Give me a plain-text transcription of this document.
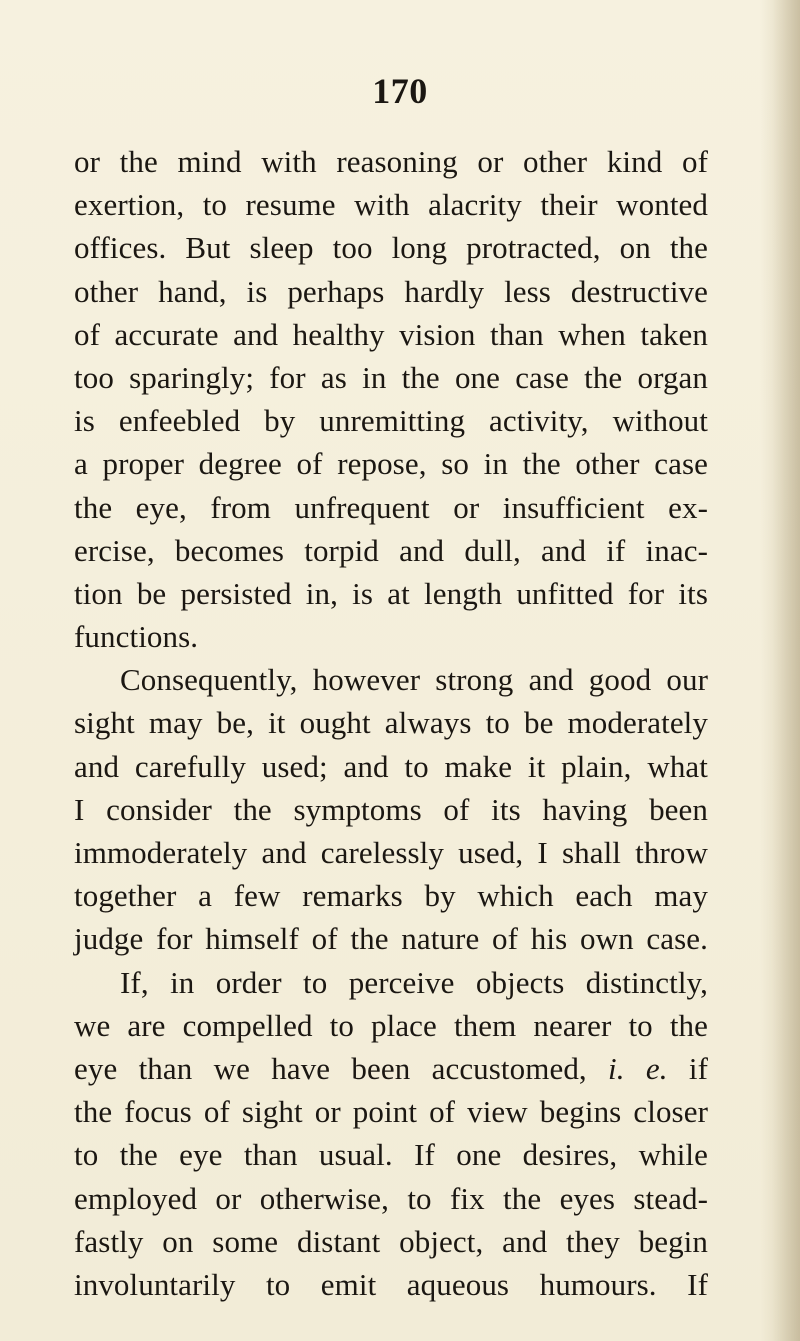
170
or the mind with reasoning or other kind of
exertion, to resume with alacrity their wonted
offices. But sleep too long protracted, on the
other hand, is perhaps hardly less destructive
of accurate and healthy vision than when taken
too sparingly; for as in the one case the organ
is enfeebled by unremitting activity, without
a proper degree of repose, so in the other case
the eye, from unfrequent or insufficient ex-
ercise, becomes torpid and dull, and if inac-
tion be persisted in, is at length unfitted for its
functions.
Consequently, however strong and good our
sight may be, it ought always to be moderately
and carefully used; and to make it plain, what
I consider the symptoms of its having been
immoderately and carelessly used, I shall throw
together a few remarks by which each may
judge for himself of the nature of his own case.
If, in order to perceive objects distinctly,
we are compelled to place them nearer to the
eye than we have been accustomed, i. e. if
the focus of sight or point of view begins closer
to the eye than usual. If one desires, while
employed or otherwise, to fix the eyes stead-
fastly on some distant object, and they begin
involuntarily to emit aqueous humours. If
